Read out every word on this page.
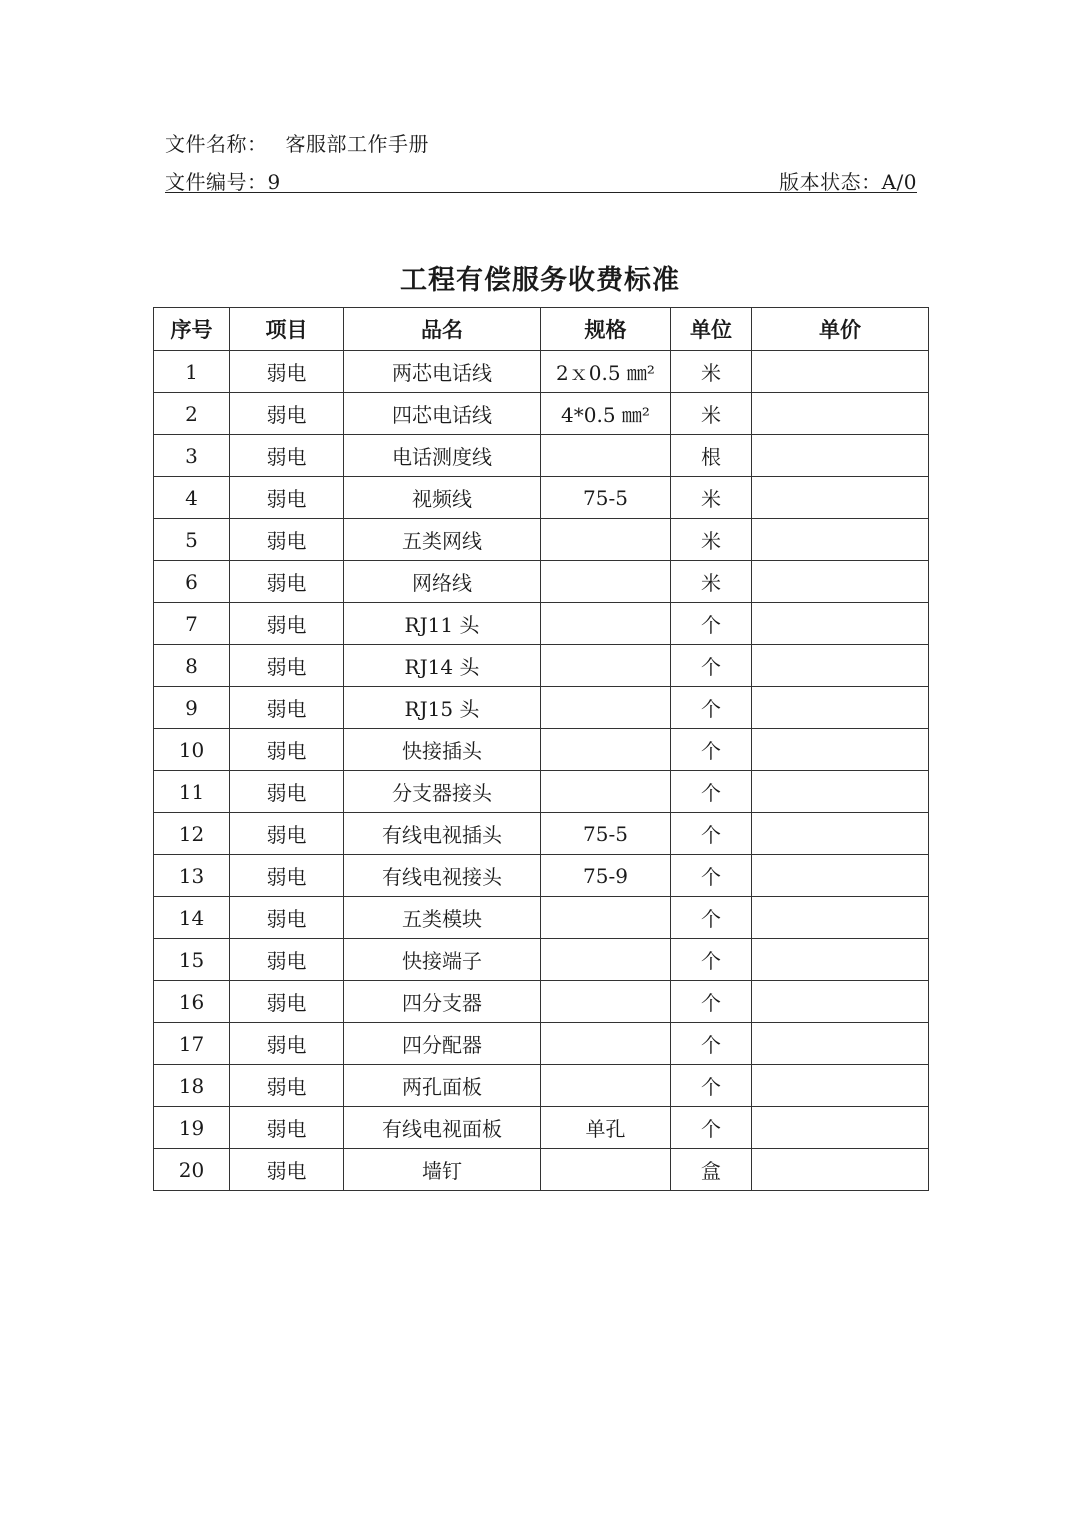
文件名称： 客服部工作手册
文件编号：9	版本状态：A/0
工程有偿服务收费标准
序号	项目	品名	规格	单位	单价
1	弱电	两芯电话线	2ｘ0.5 ㎜²	米	
2	弱电	四芯电话线	4*0.5 ㎜²	米	
3	弱电	电话测度线		根	
4	弱电	视频线	75-5	米	
5	弱电	五类网线		米	
6	弱电	网络线		米	
7	弱电	RJ11 头		个	
8	弱电	RJ14 头		个	
9	弱电	RJ15 头		个	
10	弱电	快接插头		个	
11	弱电	分支器接头		个	
12	弱电	有线电视插头	75-5	个	
13	弱电	有线电视接头	75-9	个	
14	弱电	五类模块		个	
15	弱电	快接端子		个	
16	弱电	四分支器		个	
17	弱电	四分配器		个	
18	弱电	两孔面板		个	
19	弱电	有线电视面板	单孔	个	
20	弱电	墙钉		盒	
